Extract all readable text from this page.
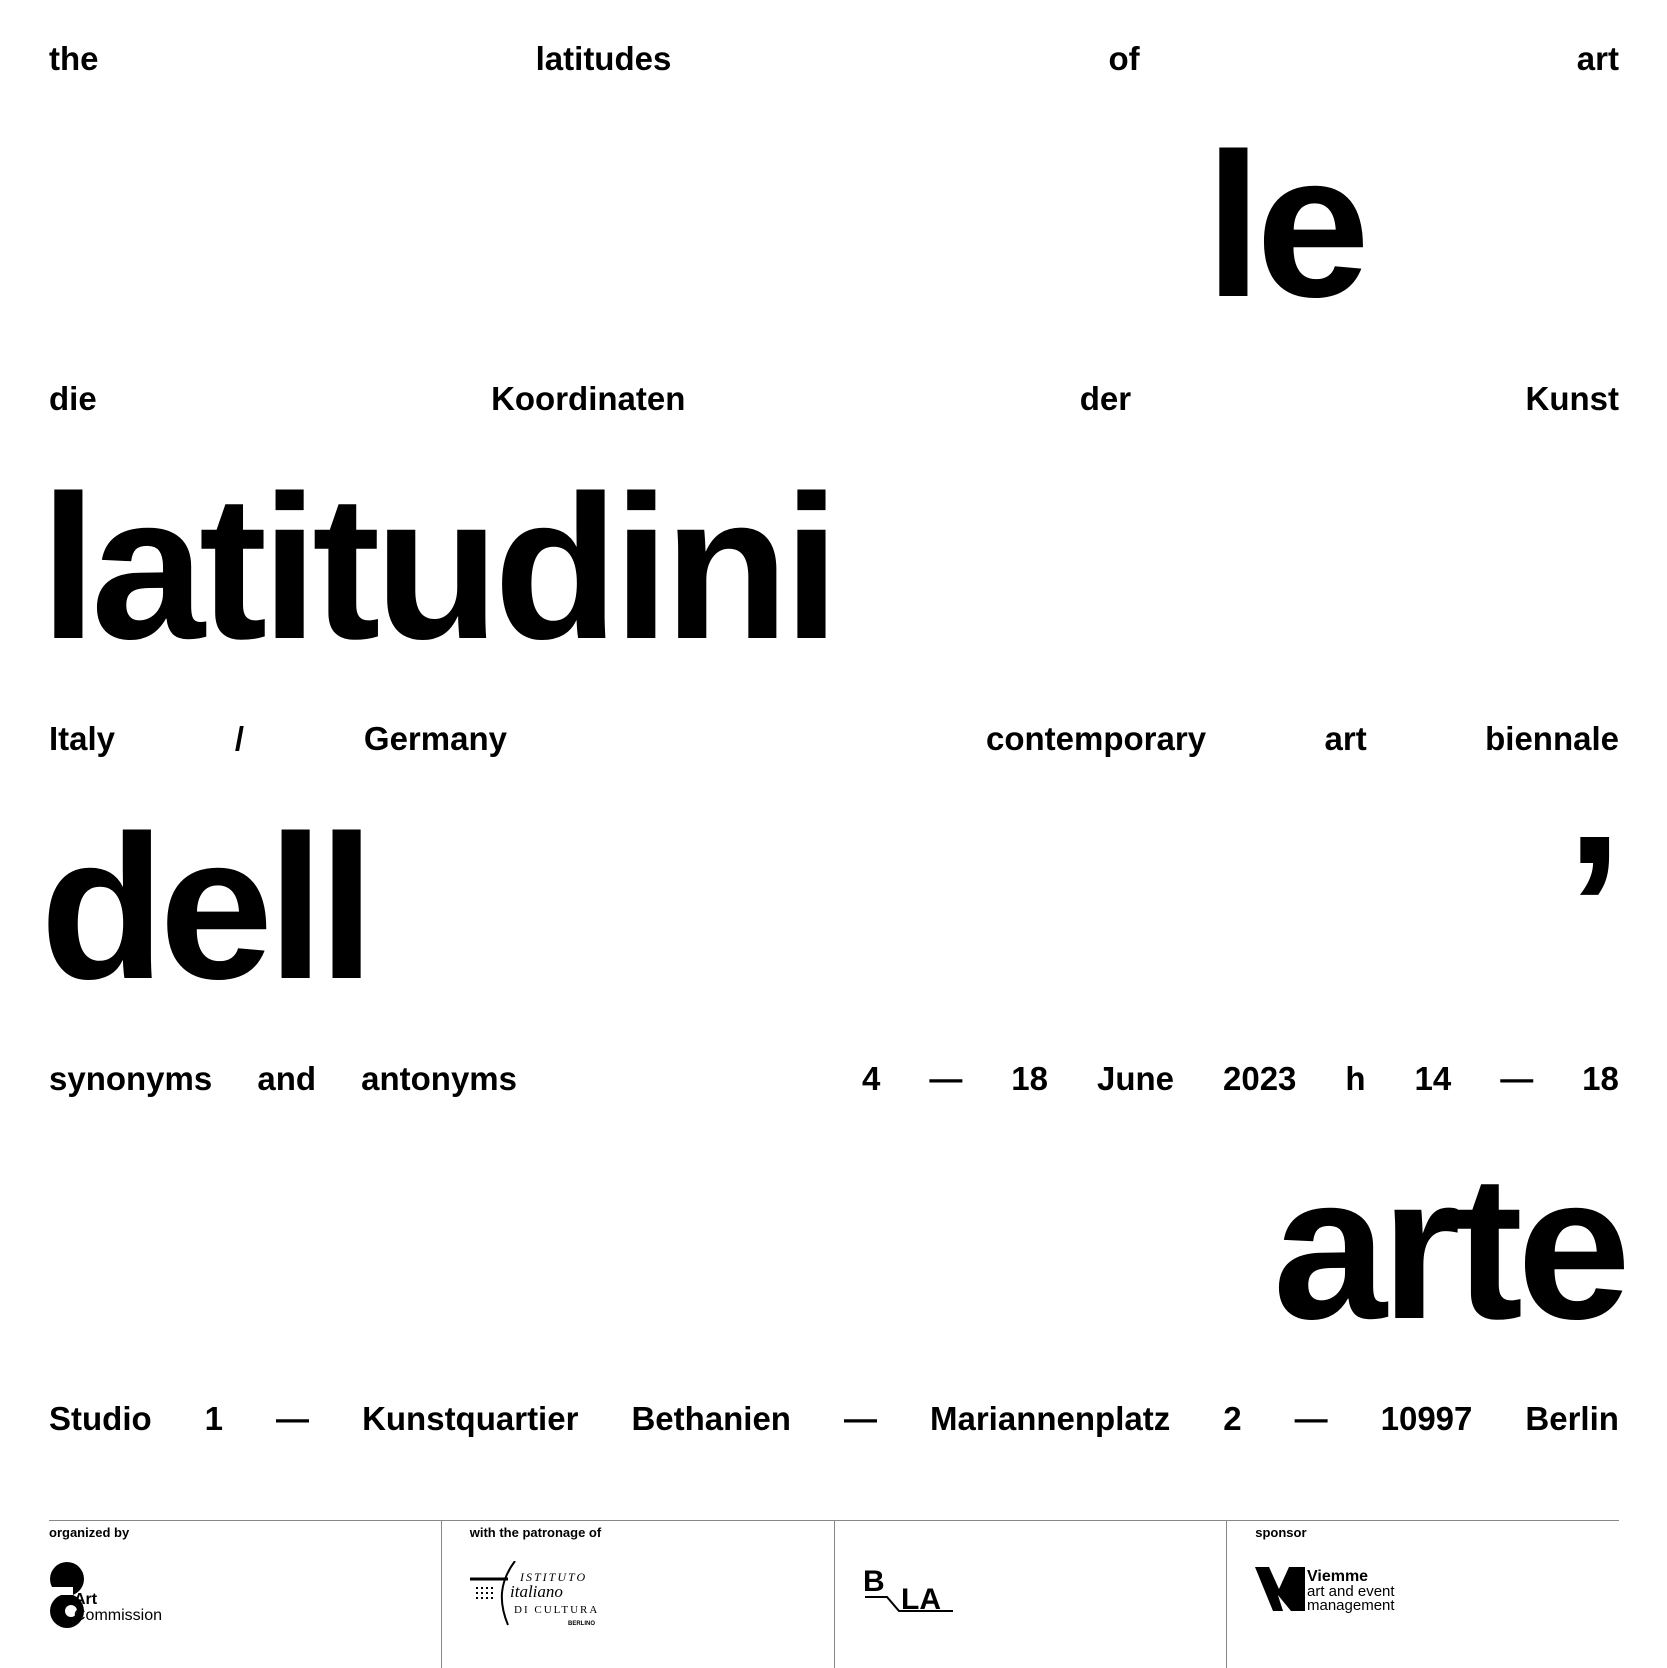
the	latitudes	of	art
le
die	Koordinaten	der	Kunst
latitudini
Italy	/	Germany	contemporary	art	biennale
dell	’
synonyms and antonyms	4 — 18 June 2023 h 14 — 18
arte
Studio 1 — Kunstquartier Bethanien — Mariannenplatz 2 — 10997 Berlin
organized by
Art
Commission
with the patronage of
ISTITUTO
italiano
DI CULTURA
BERLINO
B
LA
sponsor
Viemme
art and event
management
